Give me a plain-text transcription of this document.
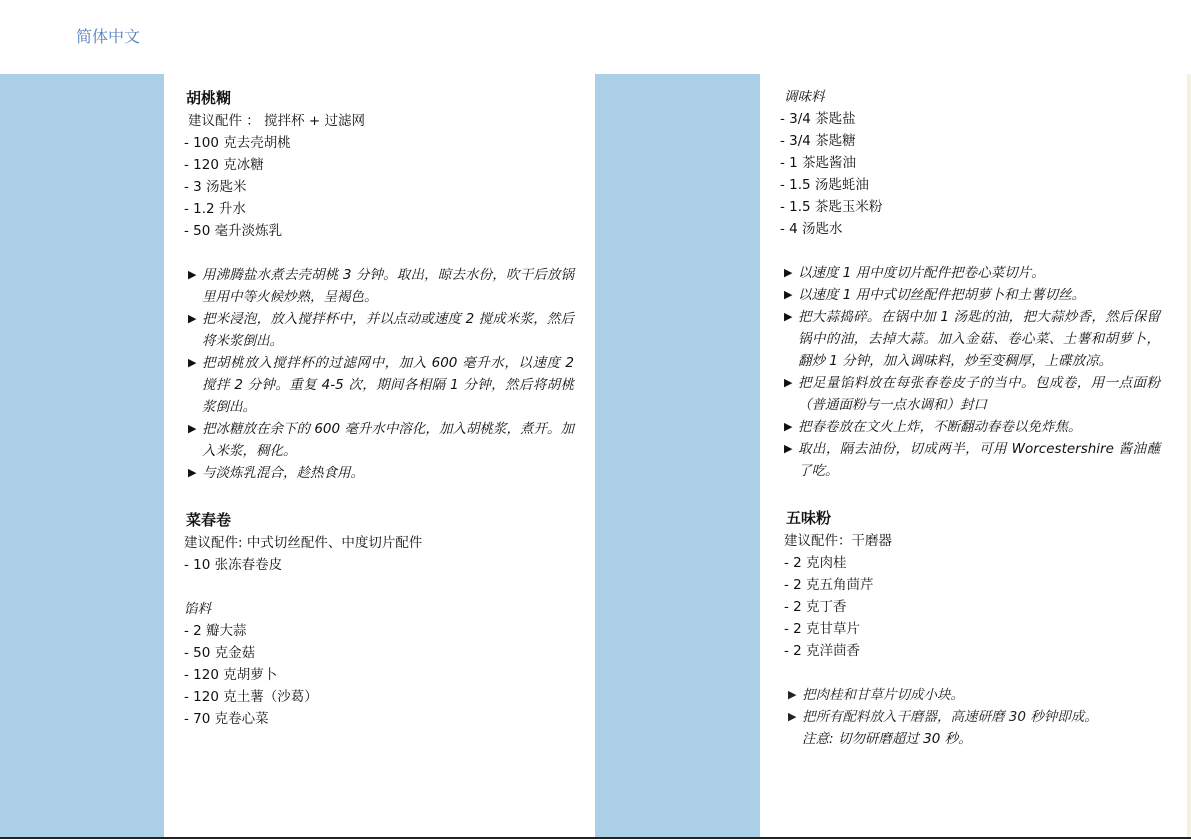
简体中文
胡桃糊
建议配件 ： 搅拌杯 + 过滤网
- 100 克去壳胡桃
- 120 克冰糖
- 3 汤匙米
- 1.2 升水
- 50 毫升淡炼乳
▶ 用沸腾盐水煮去壳胡桃 3 分钟。取出，晾去水份，吹干后放锅里用中等火候炒熟，呈褐色。
▶ 把米浸泡，放入搅拌杯中，并以点动或速度 2 搅成米浆，然后将米浆倒出。
▶ 把胡桃放入搅拌杯的过滤网中，加入 600 毫升水，以速度 2 搅拌 2 分钟。重复 4-5 次，期间各相隔 1 分钟，然后将胡桃浆倒出。
▶ 把冰糖放在余下的 600 毫升水中溶化，加入胡桃浆，煮开。加入米浆，稠化。
▶ 与淡炼乳混合，趁热食用。
菜春卷
建议配件: 中式切丝配件、中度切片配件
- 10 张冻春卷皮
馅料
- 2 瓣大蒜
- 50 克金菇
- 120 克胡萝卜
- 120 克土薯（沙葛）
- 70 克卷心菜
调味料
- 3/4 茶匙盐
- 3/4 茶匙糖
- 1 茶匙酱油
- 1.5 汤匙蚝油
- 1.5 茶匙玉米粉
- 4 汤匙水
▶ 以速度 1 用中度切片配件把卷心菜切片。
▶ 以速度 1 用中式切丝配件把胡萝卜和土薯切丝。
▶ 把大蒜捣碎。在锅中加 1 汤匙的油，把大蒜炒香，然后保留锅中的油，去掉大蒜。加入金菇、卷心菜、土薯和胡萝卜，翻炒 1 分钟，加入调味料，炒至变稠厚，上碟放凉。
▶ 把足量馅料放在每张春卷皮子的当中。包成卷，用一点面粉（普通面粉与一点水调和）封口
▶ 把春卷放在文火上炸，不断翻动春卷以免炸焦。
▶ 取出，隔去油份，切成两半，可用 Worcestershire 酱油蘸了吃。
五味粉
建议配件：干磨器
- 2 克肉桂
- 2 克五角茴芹
- 2 克丁香
- 2 克甘草片
- 2 克洋茴香
▶ 把肉桂和甘草片切成小块。
▶ 把所有配料放入干磨器，高速研磨 30 秒钟即成。
注意: 切勿研磨超过 30 秒。
